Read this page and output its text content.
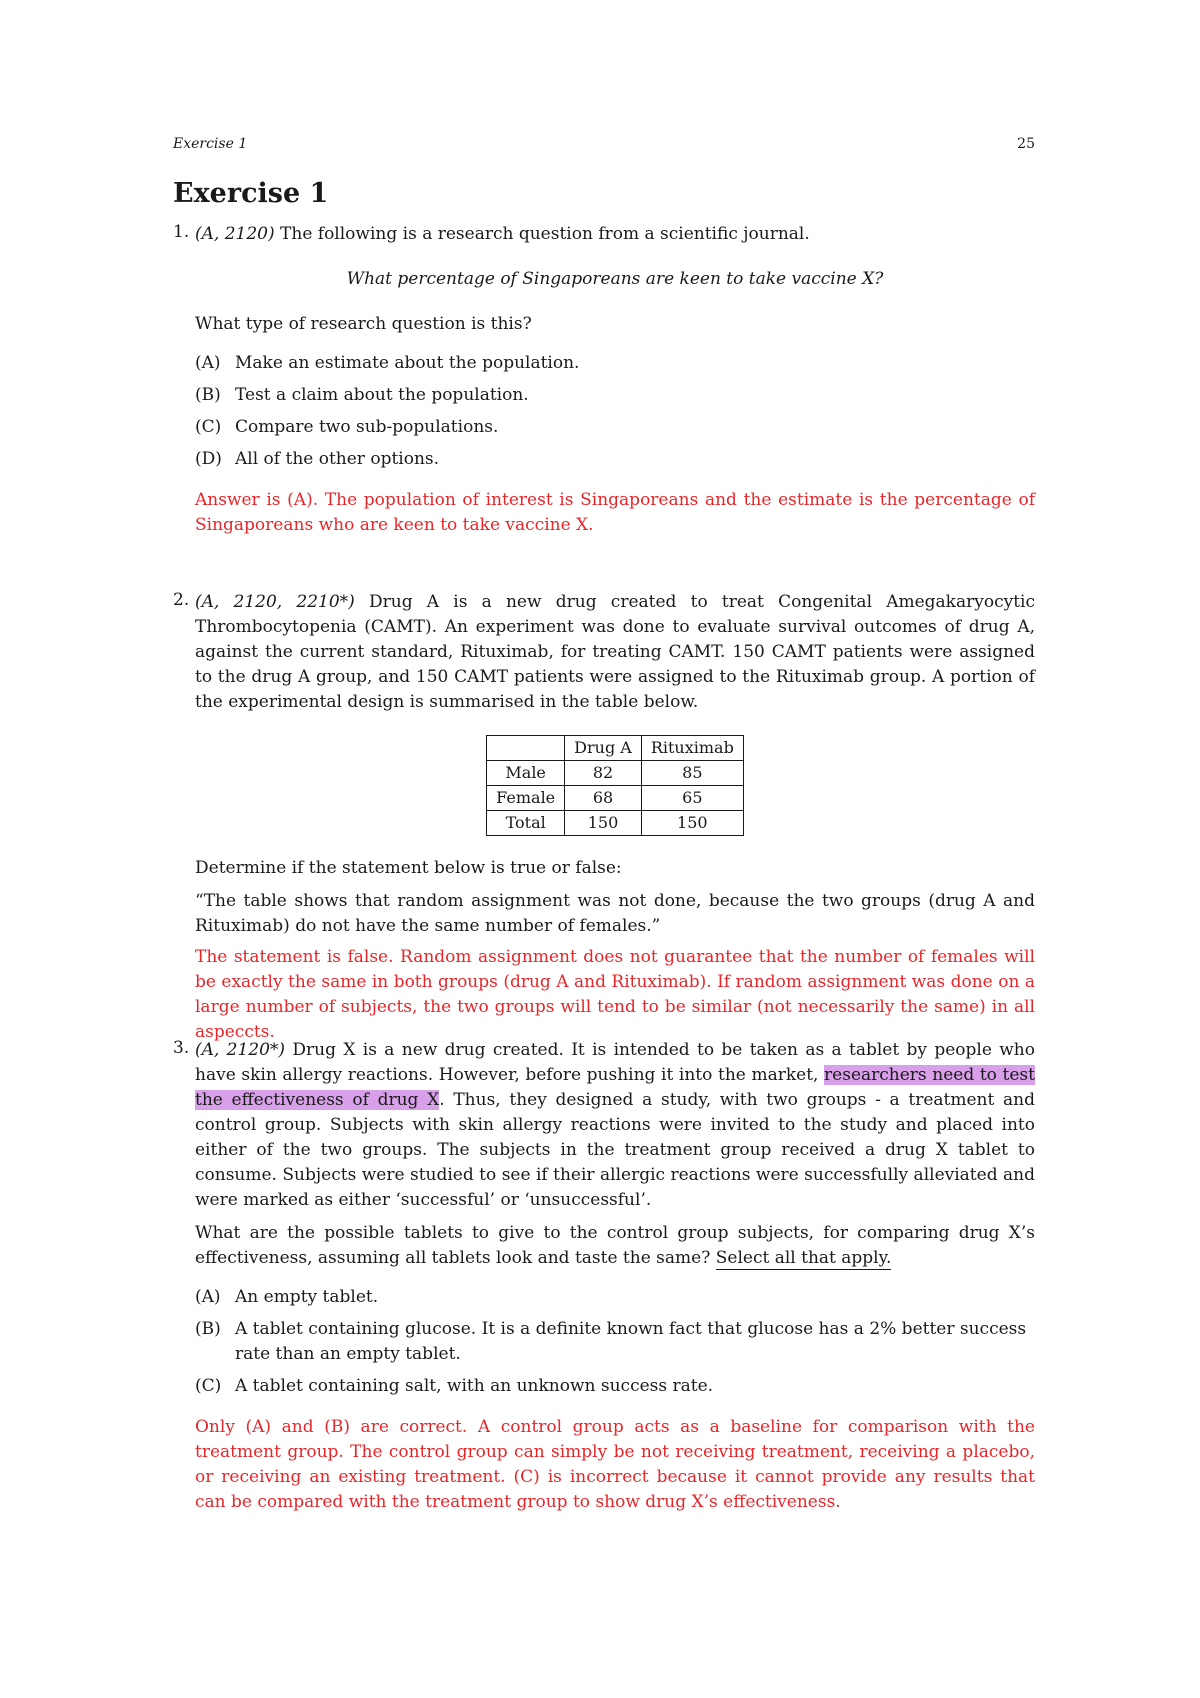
Exercise 1	25
Exercise 1
1. (A, 2120) The following is a research question from a scientific journal.

What percentage of Singaporeans are keen to take vaccine X?

What type of research question is this?

(A) Make an estimate about the population.
(B) Test a claim about the population.
(C) Compare two sub-populations.
(D) All of the other options.

Answer is (A). The population of interest is Singaporeans and the estimate is the percentage of Singaporeans who are keen to take vaccine X.

2. (A, 2120, 2210*) Drug A is a new drug created to treat Congenital Amegakaryocytic Thrombocytopenia (CAMT). An experiment was done to evaluate survival outcomes of drug A, against the current standard, Rituximab, for treating CAMT. 150 CAMT patients were assigned to the drug A group, and 150 CAMT patients were assigned to the Rituximab group. A portion of the experimental design is summarised in the table below.

	Drug A	Rituximab
Male	82	85
Female	68	65
Total	150	150

Determine if the statement below is true or false:

“The table shows that random assignment was not done, because the two groups (drug A and Rituximab) do not have the same number of females.”

The statement is false. Random assignment does not guarantee that the number of females will be exactly the same in both groups (drug A and Rituximab). If random assignment was done on a large number of subjects, the two groups will tend to be similar (not necessarily the same) in all aspeccts.

3. (A, 2120*) Drug X is a new drug created. It is intended to be taken as a tablet by people who have skin allergy reactions. However, before pushing it into the market, researchers need to test the effectiveness of drug X. Thus, they designed a study, with two groups - a treatment and control group. Subjects with skin allergy reactions were invited to the study and placed into either of the two groups. The subjects in the treatment group received a drug X tablet to consume. Subjects were studied to see if their allergic reactions were successfully alleviated and were marked as either ‘successful’ or ‘unsuccessful’.

What are the possible tablets to give to the control group subjects, for comparing drug X’s effectiveness, assuming all tablets look and taste the same? Select all that apply.

(A) An empty tablet.
(B) A tablet containing glucose. It is a definite known fact that glucose has a 2% better success rate than an empty tablet.
(C) A tablet containing salt, with an unknown success rate.

Only (A) and (B) are correct. A control group acts as a baseline for comparison with the treatment group. The control group can simply be not receiving treatment, receiving a placebo, or receiving an existing treatment. (C) is incorrect because it cannot provide any results that can be compared with the treatment group to show drug X’s effectiveness.
